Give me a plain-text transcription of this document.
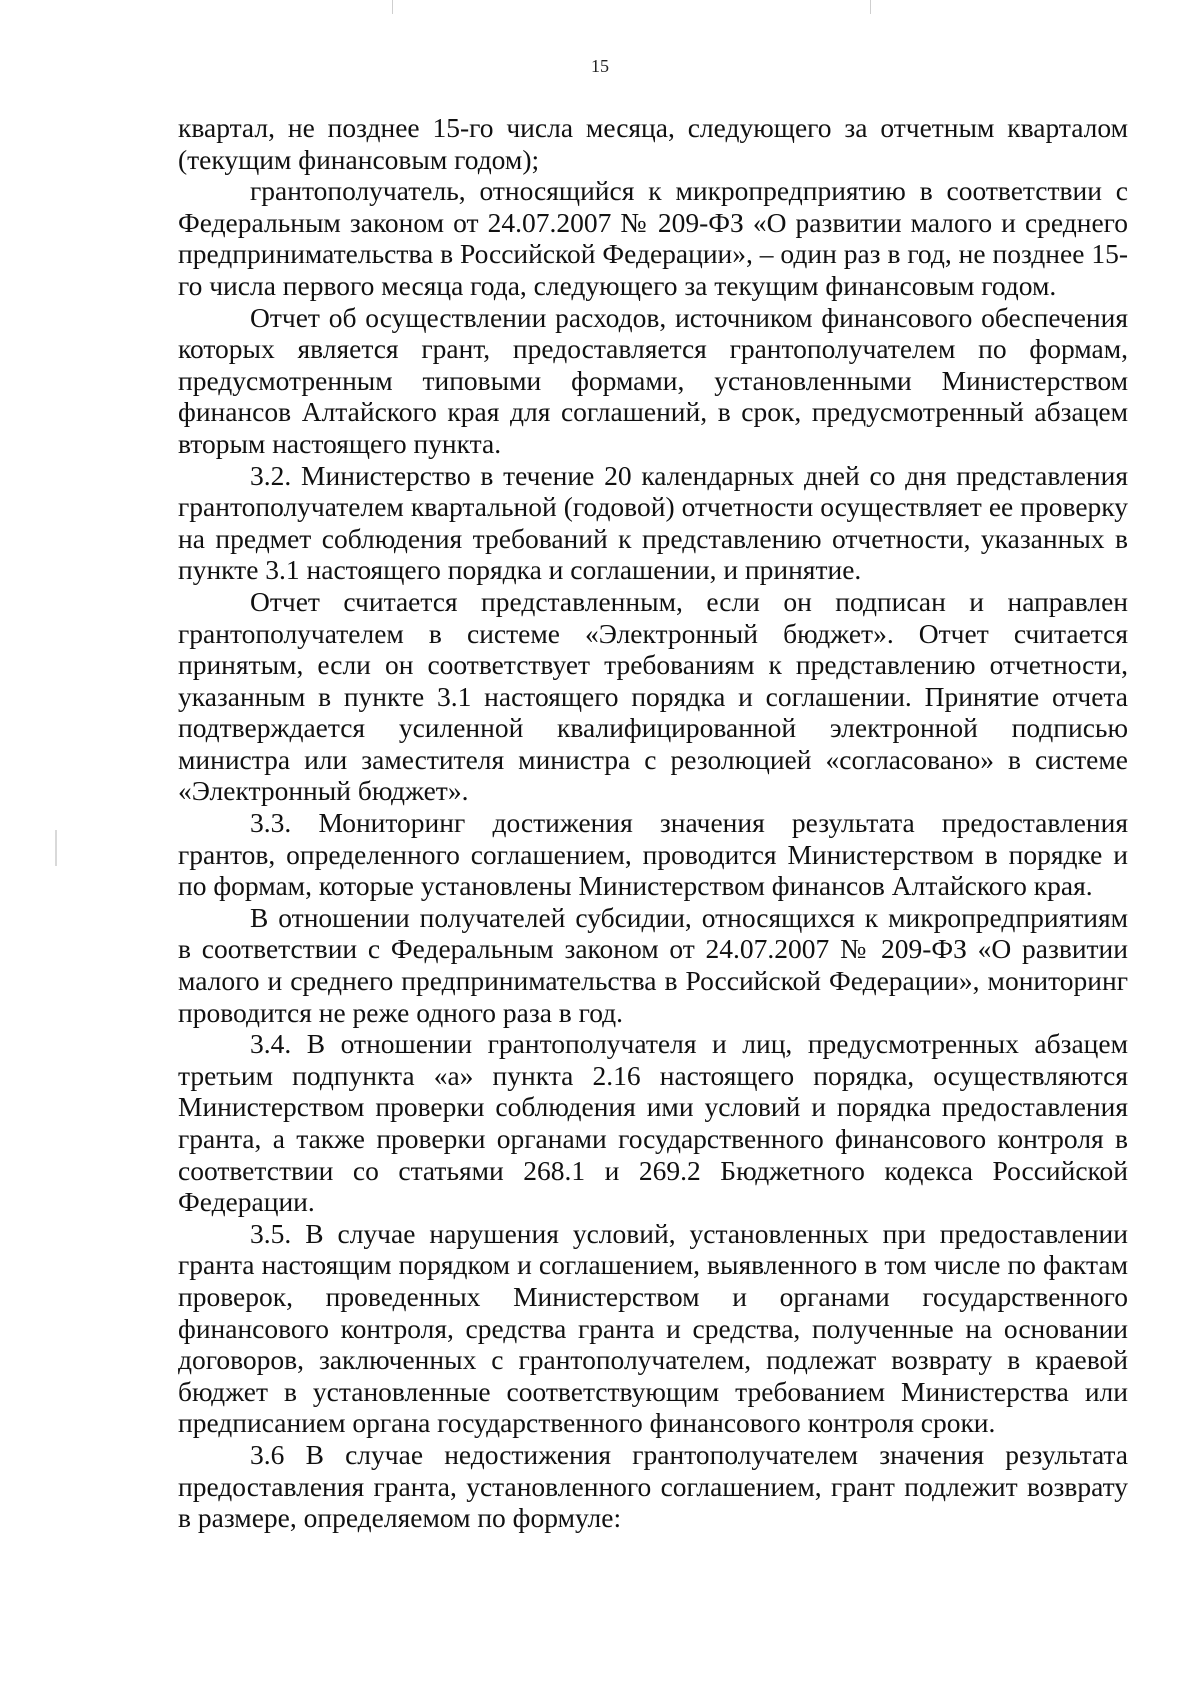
15

квартал, не позднее 15-го числа месяца, следующего за отчетным кварталом (текущим финансовым годом);

грантополучатель, относящийся к микропредприятию в соответствии с Федеральным законом от 24.07.2007 № 209-ФЗ «О развитии малого и среднего предпринимательства в Российской Федерации», – один раз в год, не позднее 15-го числа первого месяца года, следующего за текущим финансовым годом.

Отчет об осуществлении расходов, источником финансового обеспечения которых является грант, предоставляется грантополучателем по формам, предусмотренным типовыми формами, установленными Министерством финансов Алтайского края для соглашений, в срок, предусмотренный абзацем вторым настоящего пункта.

3.2. Министерство в течение 20 календарных дней со дня представления грантополучателем квартальной (годовой) отчетности осуществляет ее проверку на предмет соблюдения требований к представлению отчетности, указанных в пункте 3.1 настоящего порядка и соглашении, и принятие.

Отчет считается представленным, если он подписан и направлен грантополучателем в системе «Электронный бюджет». Отчет считается принятым, если он соответствует требованиям к представлению отчетности, указанным в пункте 3.1 настоящего порядка и соглашении. Принятие отчета подтверждается усиленной квалифицированной электронной подписью министра или заместителя министра с резолюцией «согласовано» в системе «Электронный бюджет».

3.3. Мониторинг достижения значения результата предоставления грантов, определенного соглашением, проводится Министерством в порядке и по формам, которые установлены Министерством финансов Алтайского края.

В отношении получателей субсидии, относящихся к микропредприятиям в соответствии с Федеральным законом от 24.07.2007 № 209-ФЗ «О развитии малого и среднего предпринимательства в Российской Федерации», мониторинг проводится не реже одного раза в год.

3.4. В отношении грантополучателя и лиц, предусмотренных абзацем третьим подпункта «а» пункта 2.16 настоящего порядка, осуществляются Министерством проверки соблюдения ими условий и порядка предоставления гранта, а также проверки органами государственного финансового контроля в соответствии со статьями 268.1 и 269.2 Бюджетного кодекса Российской Федерации.

3.5. В случае нарушения условий, установленных при предоставлении гранта настоящим порядком и соглашением, выявленного в том числе по фактам проверок, проведенных Министерством и органами государственного финансового контроля, средства гранта и средства, полученные на основании договоров, заключенных с грантополучателем, подлежат возврату в краевой бюджет в установленные соответствующим требованием Министерства или предписанием органа государственного финансового контроля сроки.

3.6 В случае недостижения грантополучателем значения результата предоставления гранта, установленного соглашением, грант подлежит возврату в размере, определяемом по формуле:
